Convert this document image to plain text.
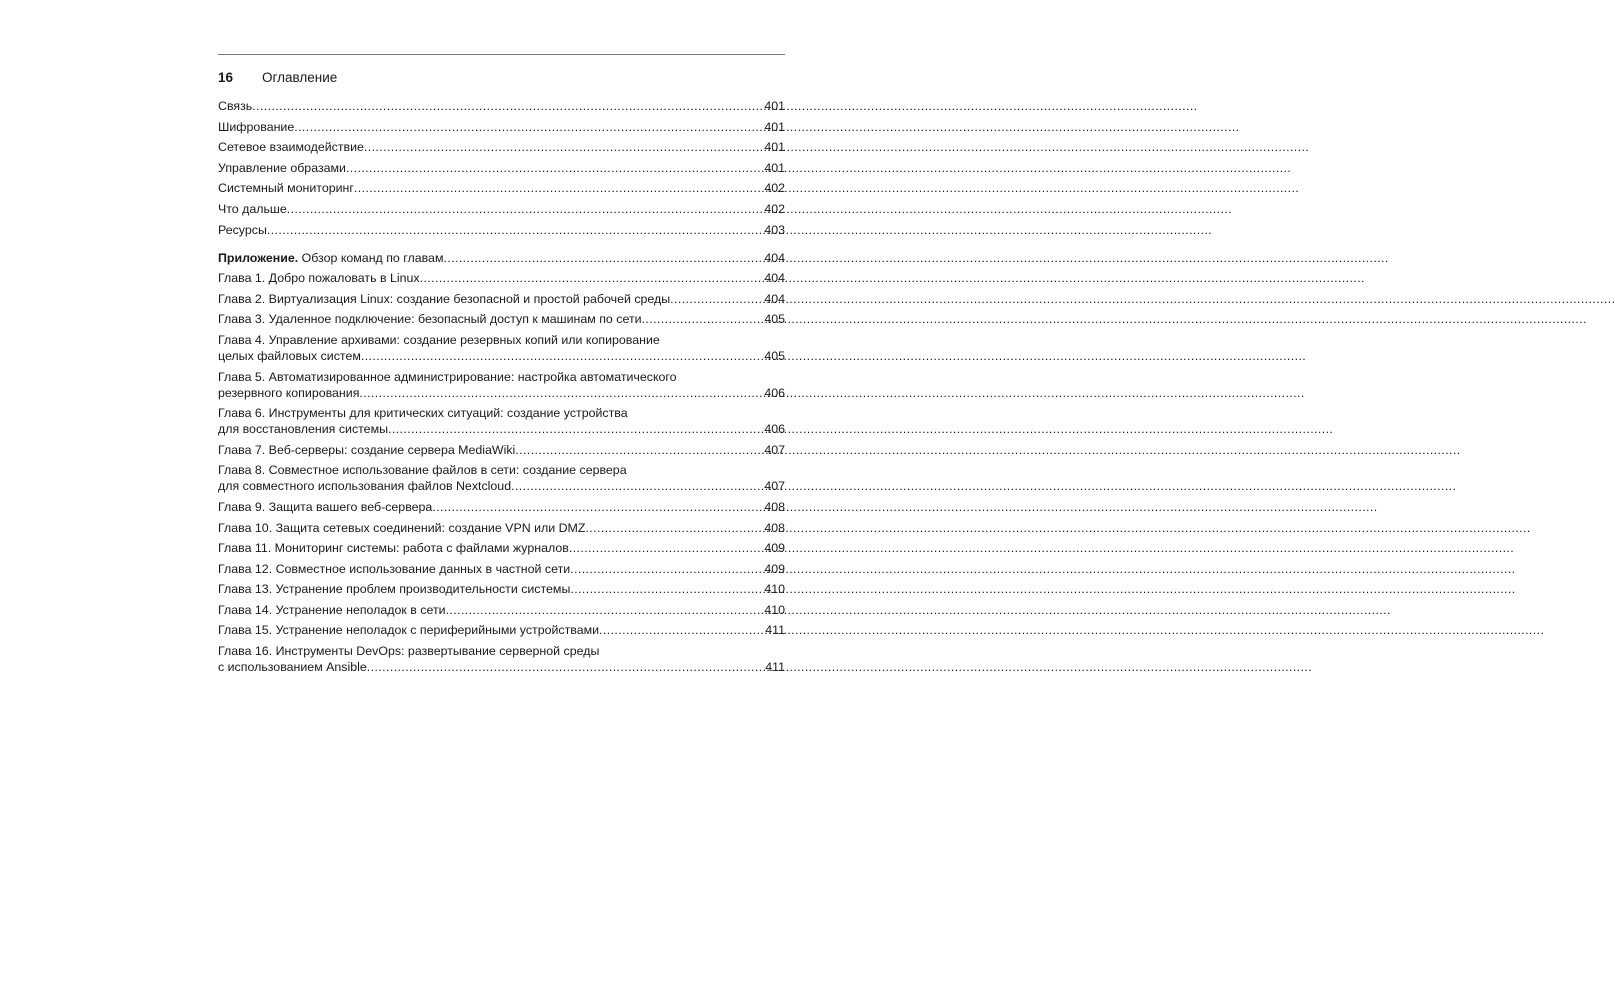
16	Оглавление
Связь .....	401
Шифрование .....	401
Сетевое взаимодействие .....	401
Управление образами .....	401
Системный мониторинг .....	402
Что дальше .....	402
Ресурсы .....	403
Приложение. Обзор команд по главам .....	404
Глава 1. Добро пожаловать в Linux .....	404
Глава 2. Виртуализация Linux: создание безопасной и простой рабочей среды .....	404
Глава 3. Удаленное подключение: безопасный доступ к машинам по сети .....	405
Глава 4. Управление архивами: создание резервных копий или копирование
целых файловых систем .....	405
Глава 5. Автоматизированное администрирование: настройка автоматического
резервного копирования .....	406
Глава 6. Инструменты для критических ситуаций: создание устройства
для восстановления системы .....	406
Глава 7. Веб-серверы: создание сервера MediaWiki .....	407
Глава 8. Совместное использование файлов в сети: создание сервера
для совместного использования файлов Nextcloud .....	407
Глава 9. Защита вашего веб-сервера .....	408
Глава 10. Защита сетевых соединений: создание VPN или DMZ .....	408
Глава 11. Мониторинг системы: работа с файлами журналов .....	409
Глава 12. Совместное использование данных в частной сети .....	409
Глава 13. Устранение проблем производительности системы .....	410
Глава 14. Устранение неполадок в сети .....	410
Глава 15. Устранение неполадок с периферийными устройствами .....	411
Глава 16. Инструменты DevOps: развертывание серверной среды
с использованием Ansible .....	411
